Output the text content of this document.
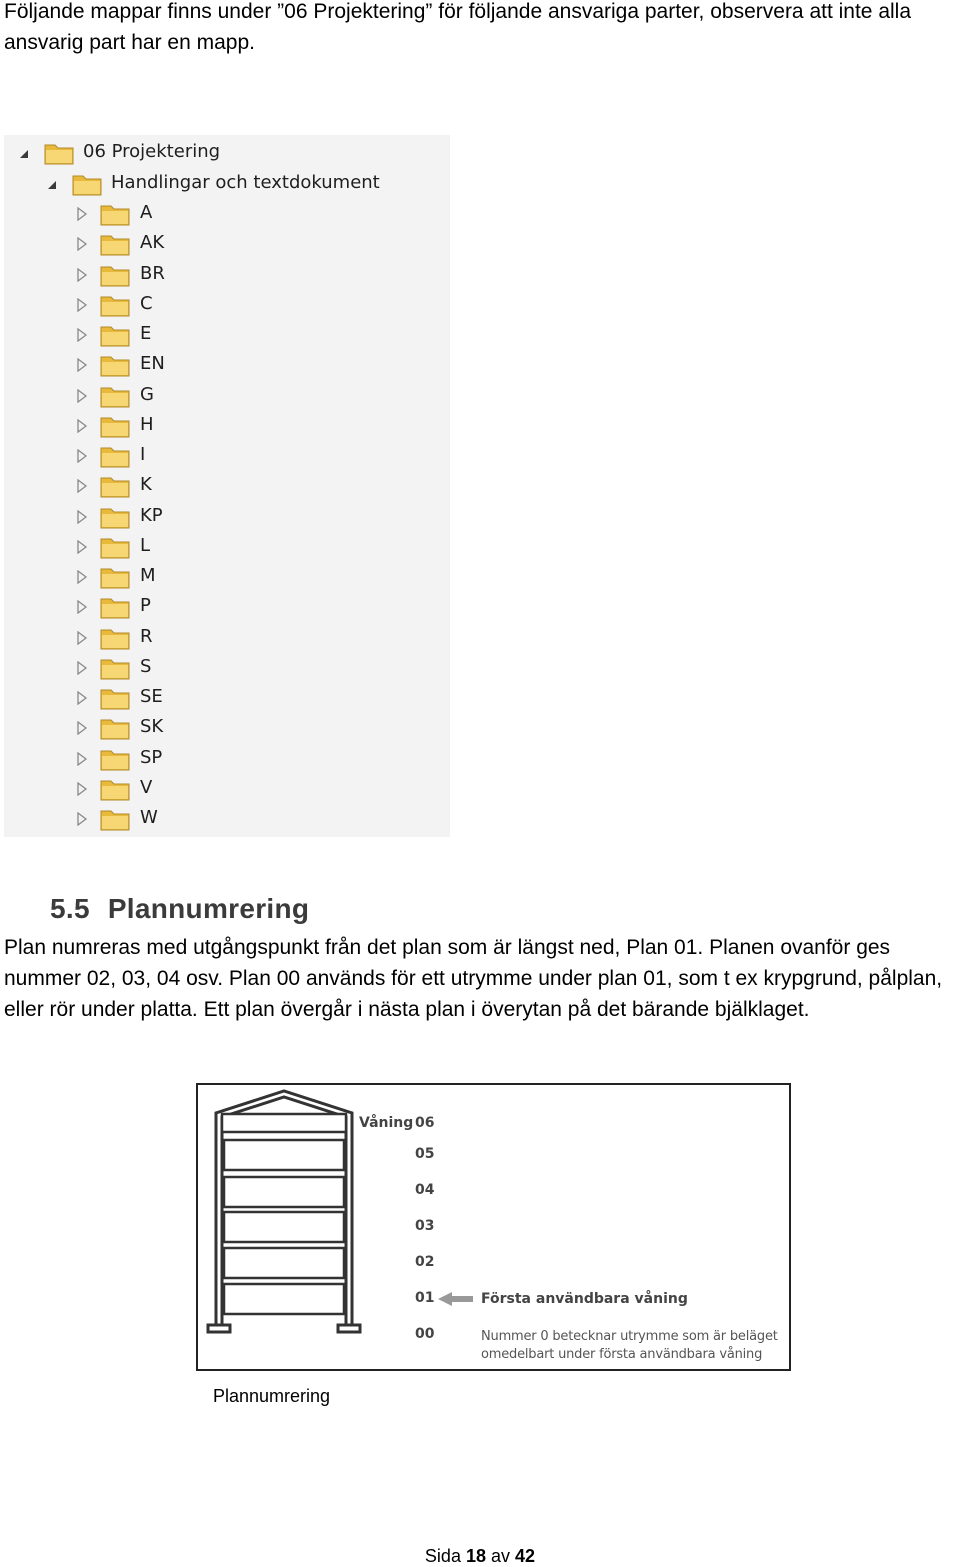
Följande mappar finns under ”06 Projektering” för följande ansvariga parter, observera att inte alla ansvarig part har en mapp.

06 Projektering
Handlingar och textdokument
A
AK
BR
C
E
EN
G
H
I
K
KP
L
M
P
R
S
SE
SK
SP
V
W
5.5 Plannumrering

Plan numreras med utgångspunkt från det plan som är längst ned, Plan 01. Planen ovanför ges nummer 02, 03, 04 osv. Plan 00 används för ett utrymme under plan 01, som t ex krypgrund, pålplan, eller rör under platta. Ett plan övergår i nästa plan i överytan på det bärande bjälklaget.

Våning 06
05
04
03
02
01
00
Första användbara våning
Nummer 0 betecknar utrymme som är beläget
omedelbart under första användbara våning
Plannumrering
Sida 18 av 42
